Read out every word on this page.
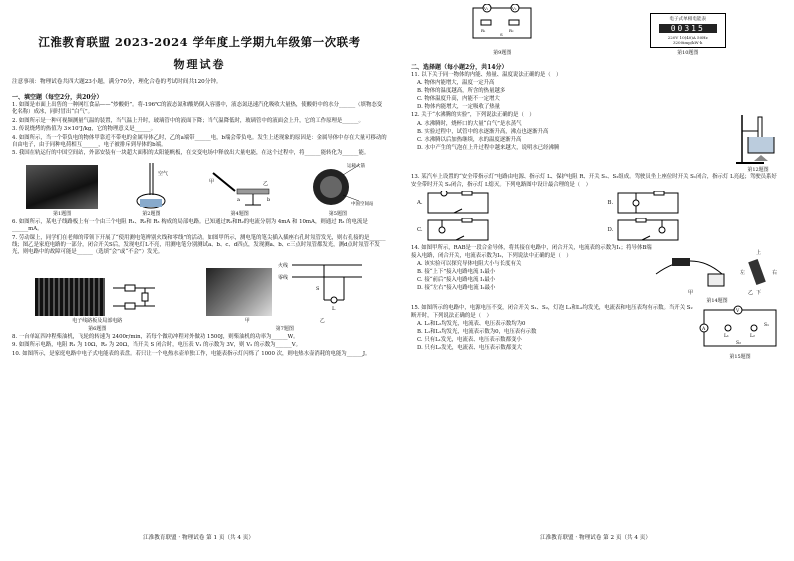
江淮教育联盟 2023-2024 学年度上学期九年级第一次联考
物理试卷
注意事项：物理试卷共四大题23小题，满分70分，理化合卷的考试时间共120分钟。
一、填空题（每空2分，共20分）
1. 如图是市面上出售的一种网红食品——“炒酸奶”。将-196℃的液态氮和酸奶倒入容器中，液态氮迅速汽化吸收大量热，使酸奶中的水分______（填物态变化名称）成冰，同时冒出“白气”。
2. 如图所示是一种可视频测量气温的装置，当气温上升时，玻璃管中的液面下降；当气温降低时，玻璃管中的液面会上升，它的工作原理是______。
3. 传说烧烤的热值为 3×10⁷J/kg，它的物理意义是______。
4. 如图所示，当一个带负电的物体甲靠近不带电的金属导体乙时，乙的a端带______电，b端会带负电。发生上述现象的原因是：金属导体中存在大量可移动的自由电子，由于同种电荷相互______，电子被排斥到导体的b端。
5. 我国在轨运行的中国空间站，外部安装有一块超大面积的太阳能帆板，在交变电场中释放出大量电能，在这个过程中，将______能转化为______能。
第1题图
空气
第2题图
甲	乙
a	b
第4题图
运载火箭
中国空间站
第5题图
6. 如图所示，某电子线路板上有一个由三个电阻 R₁、R₂和 R₃ 构成的局部电路。已知通过R₁和R₂的电流分别为 4mA 和 10mA，则通过 R₃ 的电流是______mA。
7. 劳动课上，同学们在老师的带领下开展了“使用测电笔辨别火线和零线”的活动。如图甲所示，测电笔的笔尖插入插座右孔时氖管发光，则右孔接的是______线；图乙是家庭电路的一部分，闭合开关S后，发现电灯L不亮，用测电笔分别测试a、b、c、d四点，发现测a、b、c三点时氖管都发光，测d点时氖管不发光，则电路中的故障可能是______（选填“会”或“不会”）发光。
电子线路板及局部电路
第6题图
火线
零线
S
L
甲	乙
第7题图
8. 一台单缸四冲程柴油机，飞轮的转速为 2400r/min，若每个做功冲程对外做功 1500J，则柴油机的功率为______W。
9. 如图所示电路，电阻 R₁ 为 10Ω，R₂ 为 20Ω，当开关 S 闭合时，电压表 V₁ 的示数为 3V，则 V₂ 的示数为______V。
10. 如图所示，是家庭电路中电子式电能表的表盘。若只让一个电热水壶单独工作，电能表指示灯闪烁了 1000 次，则电热水壶消耗的电能为______J。
江淮教育联盟 · 物理试卷 第 1 页（共 4 页）
V₁	V₂
R₁	R₂
S
第9题图
电子式单相电能表
00315
220V 10(40)A 50Hz
3200imp/kW·h
第10题图
二、选择题（每小题2分，共14分）
11. 以下关于同一物体的内能、热量、温度说法正确的是（　）
A. 物体内能增大，温度一定升高
B. 物体的温度越高，所含的热量越多
C. 物体温度升高，内能不一定增大
D. 物体内能增大，一定吸收了热量
12. 关于“水沸腾的实验”，下列说法正确的是（　）
A. 水沸腾时，烧杯口的大量“白气”是水蒸气
B. 实验过程中，试管中的水逐渐升高，沸点也逐渐升高
C. 水沸腾以后加热继续，水的温度逐渐升高
D. 水中产生的气泡在上升过程中越来越大，说明水已经沸腾
第12题图
13. 某汽车上设置的“安全带指示灯”电路由电源、指示灯 L、保护电阻 R、开关 S₁、S₂组成。驾驶员坐上座位时开关 S₁闭合，指示灯 L亮起；驾驶员系好安全带时开关 S₂闭合，指示灯 L熄灭。下列电路图中设计最合理的是（　）
A.	B.
C.	D.
14. 如图甲所示，RAB是一段合金导体，将其接在电路中，闭合开关，电流表的示数为I₁；将导体B端接入电路，闭合开关，电流表示数为I₂，下列说法中正确的是（　）
A. 该实验可以探究导体电阻大小与长度有关
B. 接“上下”接入电路电流 I₁最小
C. 接“前后”接入电路电流 I₁最小
D. 接“左右”接入电路电流 I₂最小
左	右
上
下
甲	乙
第14题图
15. 如图所示的电路中，电源电压不变，闭合开关 S₁、S₂，灯泡 L₁和L₂均发光，电流表和电压表均有示数。当开关 S₂断开时，下列说法正确的是（　）
A. L₁和L₂均发光，电流表、电压表示数均为0
B. L₁和L₂均发光，电流表示数为0，电压表有示数
C. 只有L₁发光，电流表、电压表示数都变小
D. 只有L₂发光，电流表、电压表示数都变大
A
V
L₁	L₂
S₁
S₂
第15题图
江淮教育联盟 · 物理试卷 第 2 页（共 4 页）
